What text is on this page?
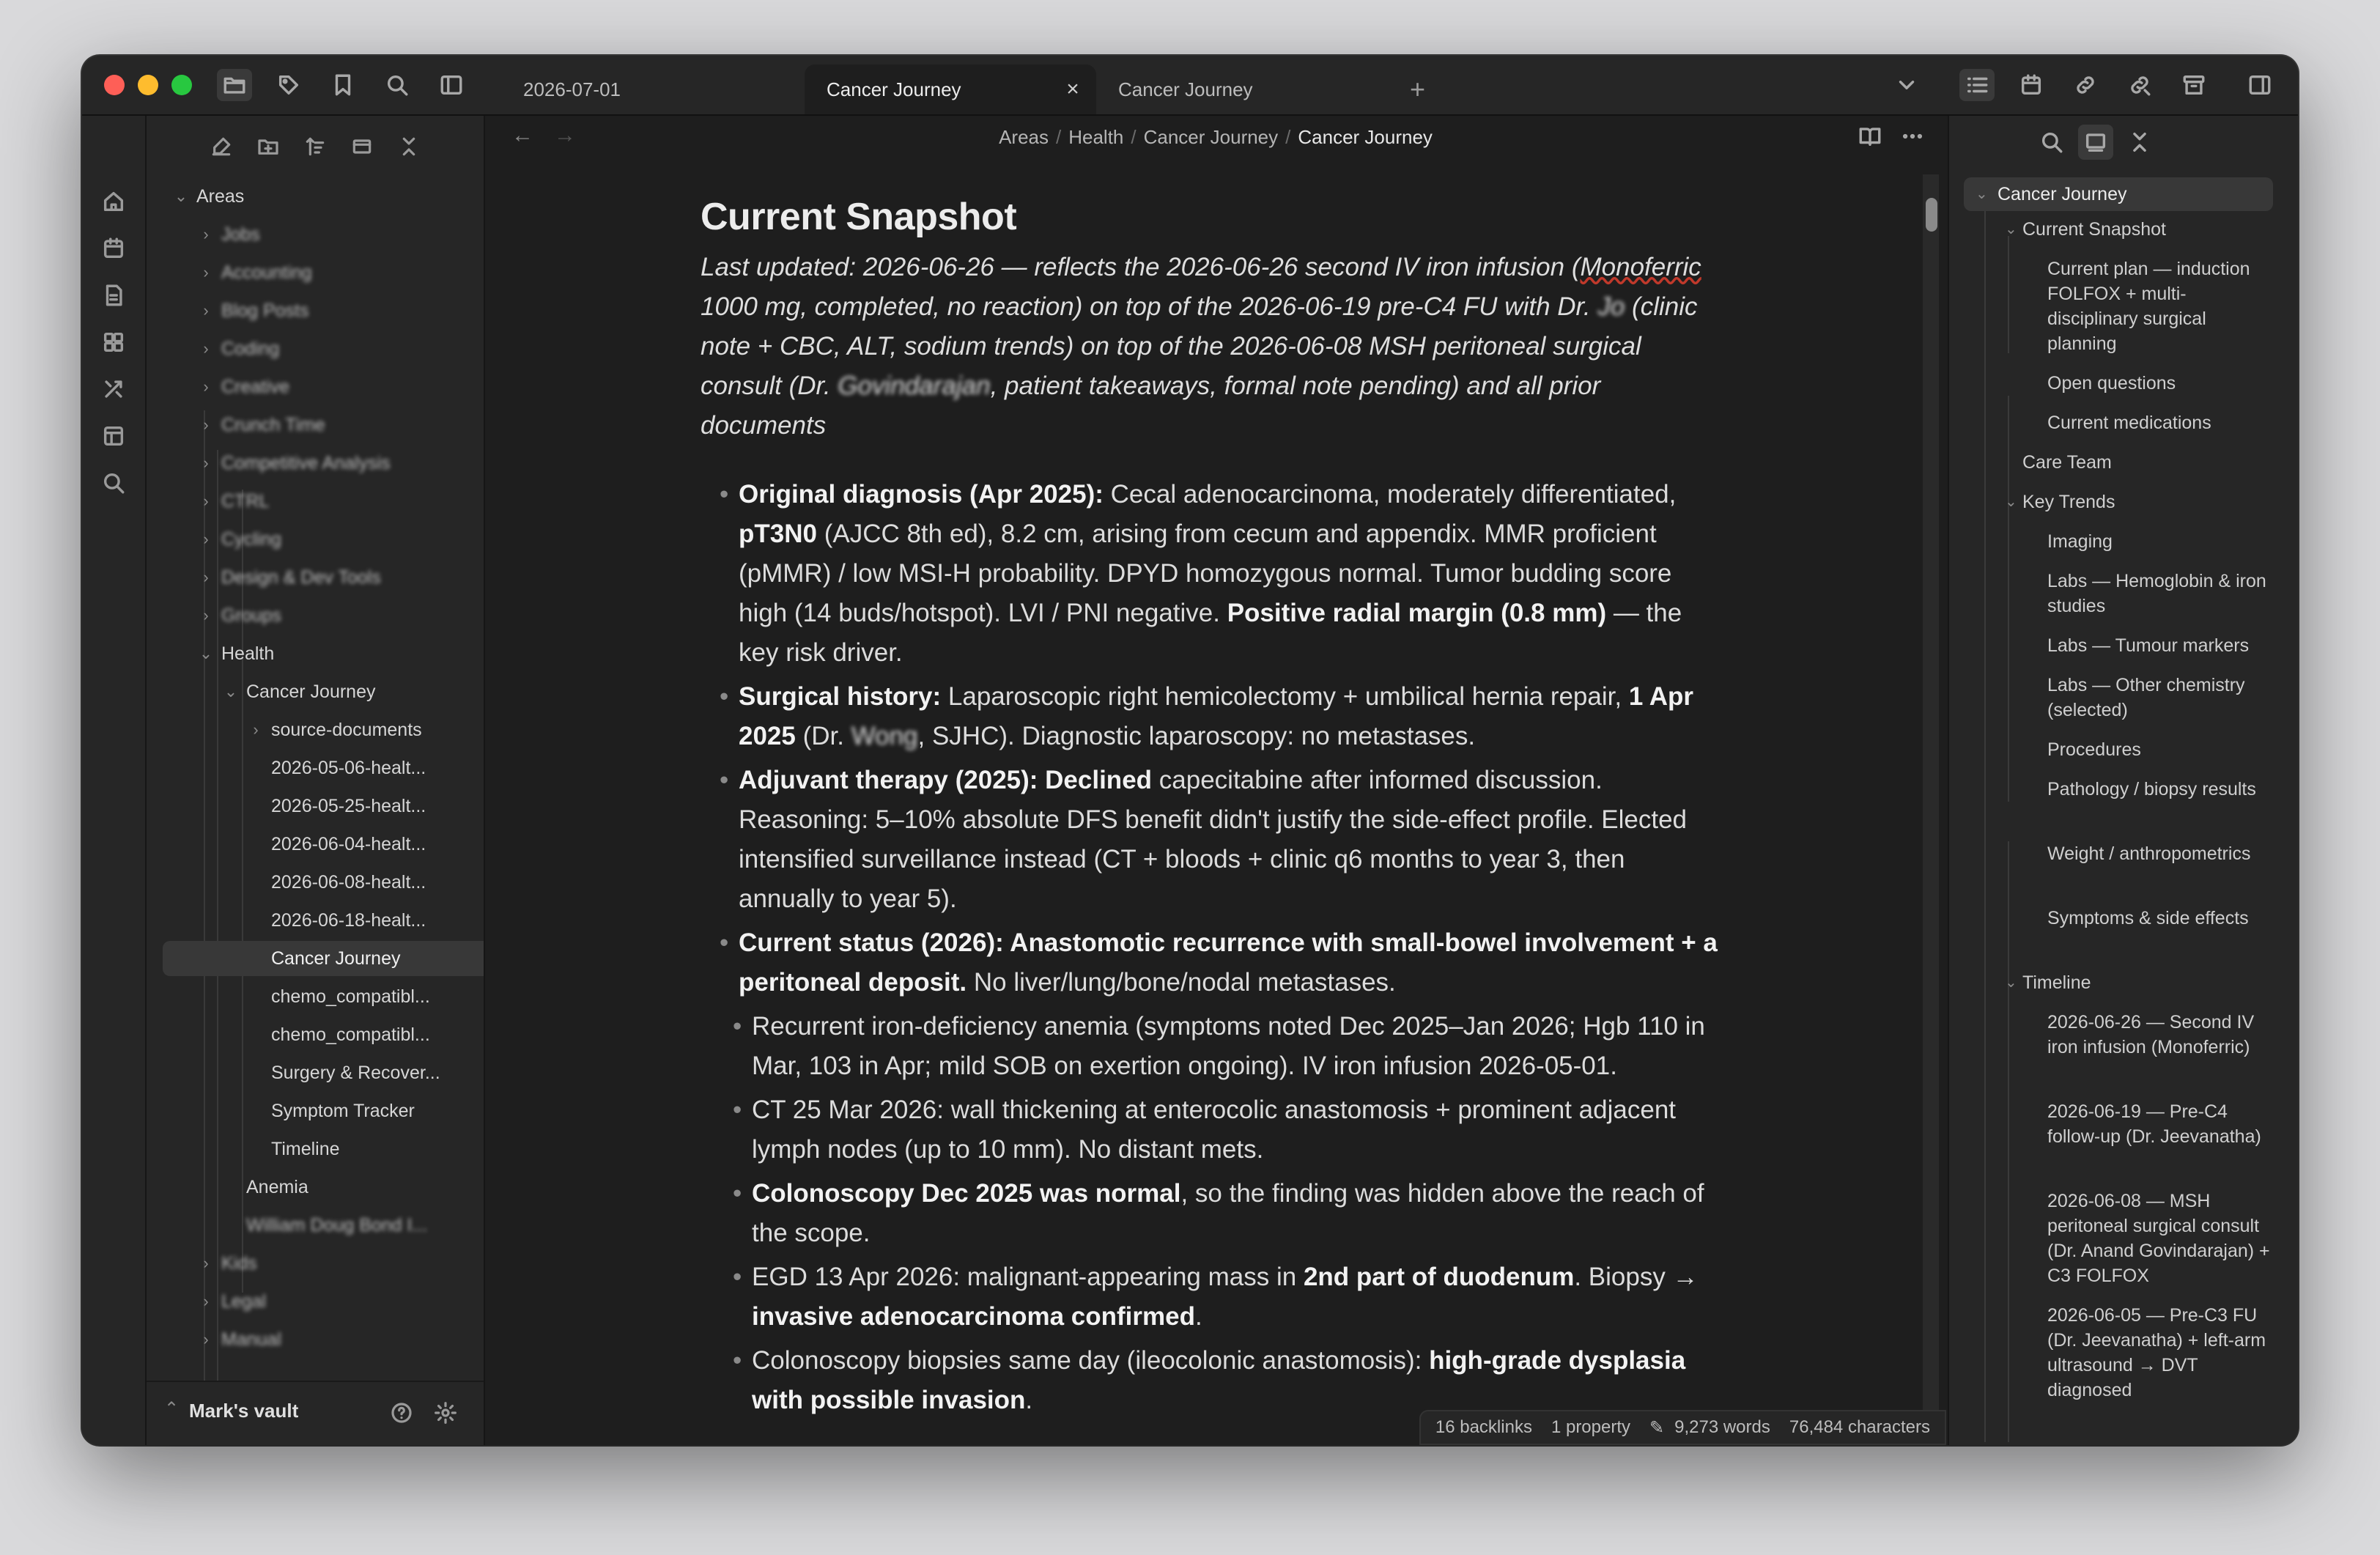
2026-07-01	Cancer Journey	× Cancer Journey	+
⌄ Areas
› Jobs
› Accounting
› Blog Posts
› Coding
› Creative
› Crunch Time
› Competitive Analysis
› CTRL
› Cycling
› Design & Dev Tools
› Groups
⌄ Health
⌄ Cancer Journey
› source-documents
2026-05-06-healt...
2026-05-25-healt...
2026-06-04-healt...
2026-06-08-healt...
2026-06-18-healt...
Cancer Journey
chemo_compatibl...
chemo_compatibl...
Surgery & Recover...
Symptom Tracker
Timeline
Anemia
William Doug Bond I...
› Kids
› Legal
› Manual
⌃ Mark's vault
← →	Areas / Health / Cancer Journey / Cancer Journey
Current Snapshot

Last updated: 2026-06-26 — reflects the 2026-06-26 second IV iron infusion (Monoferric 1000 mg, completed, no reaction) on top of the 2026-06-19 pre-C4 FU with Dr. Jo (clinic note + CBC, ALT, sodium trends) on top of the 2026-06-08 MSH peritoneal surgical consult (Dr. Govindarajan, patient takeaways, formal note pending) and all prior documents

• Original diagnosis (Apr 2025): Cecal adenocarcinoma, moderately differentiated, pT3N0 (AJCC 8th ed), 8.2 cm, arising from cecum and appendix. MMR proficient (pMMR) / low MSI-H probability. DPYD homozygous normal. Tumor budding score high (14 buds/hotspot). LVI / PNI negative. Positive radial margin (0.8 mm) — the key risk driver.
• Surgical history: Laparoscopic right hemicolectomy + umbilical hernia repair, 1 Apr 2025 (Dr. Wong, SJHC). Diagnostic laparoscopy: no metastases.
• Adjuvant therapy (2025): Declined capecitabine after informed discussion. Reasoning: 5–10% absolute DFS benefit didn't justify the side-effect profile. Elected intensified surveillance instead (CT + bloods + clinic q6 months to year 3, then annually to year 5).
• Current status (2026): Anastomotic recurrence with small-bowel involvement + a peritoneal deposit. No liver/lung/bone/nodal metastases.
• Recurrent iron-deficiency anemia (symptoms noted Dec 2025–Jan 2026; Hgb 110 in Mar, 103 in Apr; mild SOB on exertion ongoing). IV iron infusion 2026-05-01.
• CT 25 Mar 2026: wall thickening at enterocolic anastomosis + prominent adjacent lymph nodes (up to 10 mm). No distant mets.
• Colonoscopy Dec 2025 was normal, so the finding was hidden above the reach of the scope.
• EGD 13 Apr 2026: malignant-appearing mass in 2nd part of duodenum. Biopsy → invasive adenocarcinoma confirmed.
• Colonoscopy biopsies same day (ileocolonic anastomosis): high-grade dysplasia with possible invasion.
16 backlinks 1 property ✎ 9,273 words 76,484 characters
⌄ Cancer Journey
⌄ Current Snapshot
Current plan — induction FOLFOX + multi-disciplinary surgical planning
Open questions
Current medications
Care Team
⌄ Key Trends
Imaging
Labs — Hemoglobin & iron studies
Labs — Tumour markers
Labs — Other chemistry (selected)
Procedures
Pathology / biopsy results
Weight / anthropometrics
Symptoms & side effects
⌄ Timeline
2026-06-26 — Second IV iron infusion (Monoferric)
2026-06-19 — Pre-C4 follow-up (Dr. Jeevanatha)
2026-06-08 — MSH peritoneal surgical consult (Dr. Anand Govindarajan) + C3 FOLFOX
2026-06-05 — Pre-C3 FU (Dr. Jeevanatha) + left-arm ultrasound → DVT diagnosed
